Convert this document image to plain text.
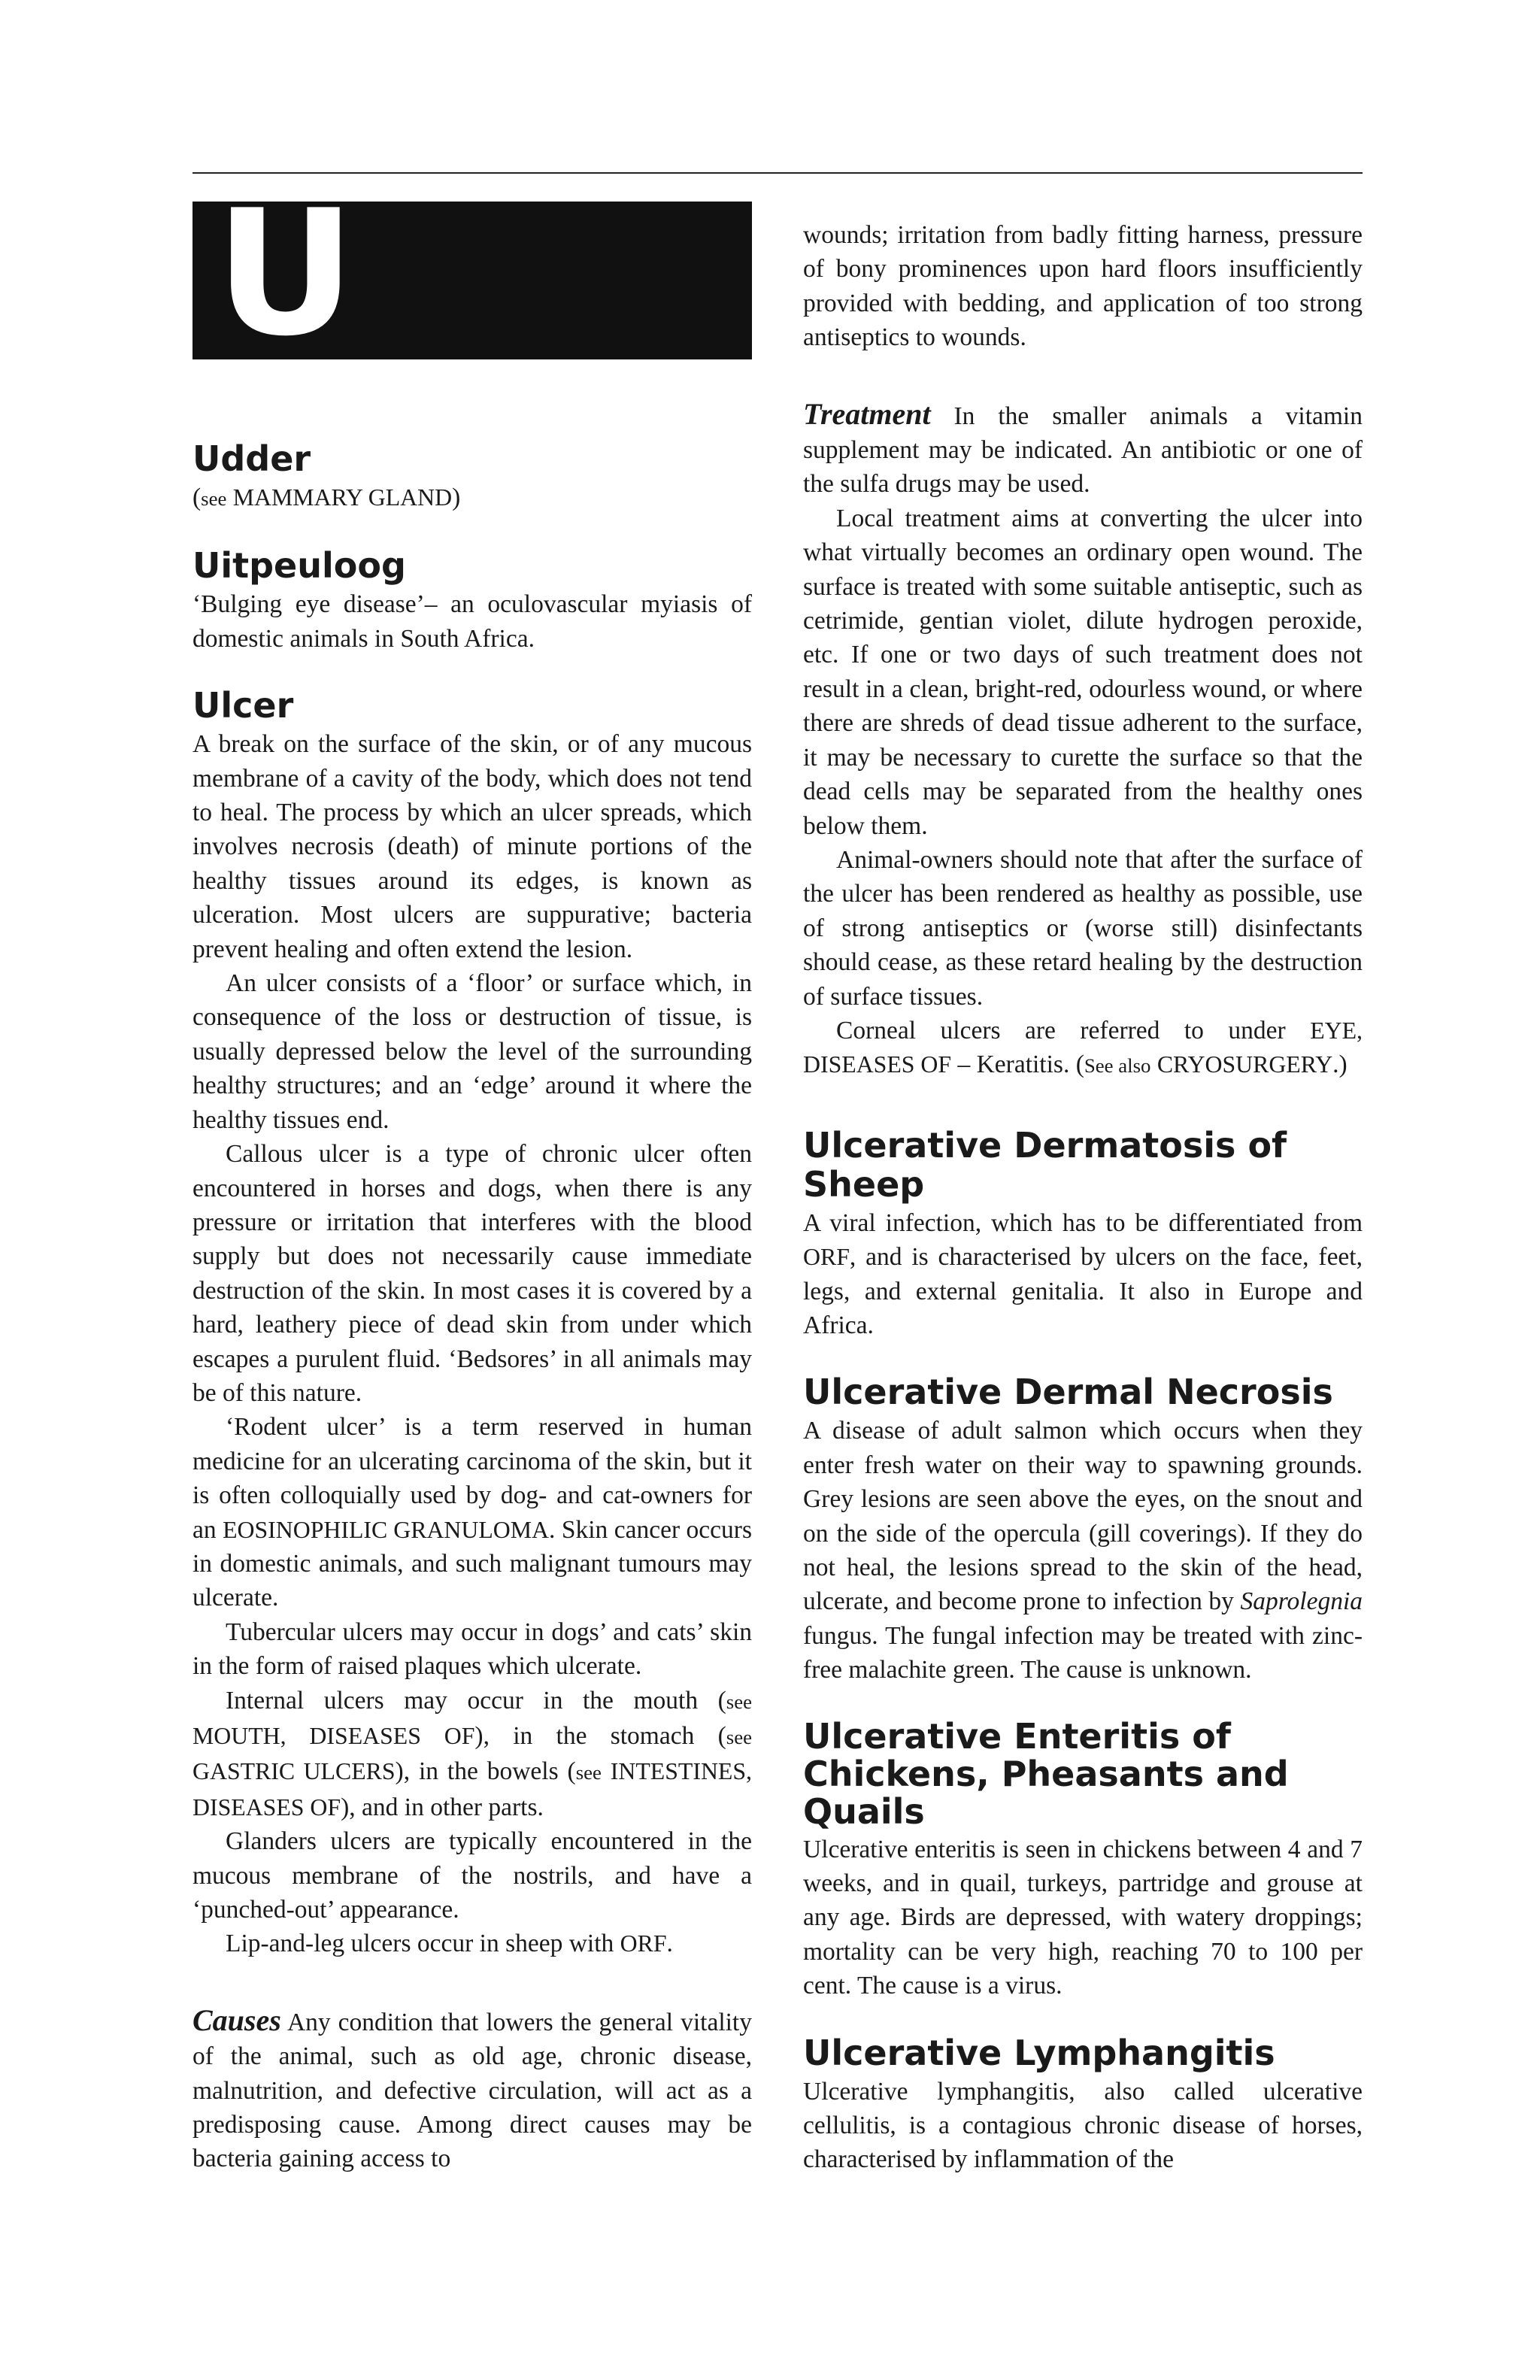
U
Udder

(see MAMMARY GLAND)

Uitpeuloog

‘Bulging eye disease’– an oculovascular myiasis of domestic animals in South Africa.

Ulcer

A break on the surface of the skin, or of any mucous membrane of a cavity of the body, which does not tend to heal. The process by which an ulcer spreads, which involves necrosis (death) of minute portions of the healthy tissues around its edges, is known as ulceration. Most ulcers are suppurative; bacteria prevent healing and often extend the lesion.

An ulcer consists of a ‘floor’ or surface which, in consequence of the loss or destruction of tissue, is usually depressed below the level of the surrounding healthy structures; and an ‘edge’ around it where the healthy tissues end.

Callous ulcer is a type of chronic ulcer often encountered in horses and dogs, when there is any pressure or irritation that interferes with the blood supply but does not necessarily cause immediate destruction of the skin. In most cases it is covered by a hard, leathery piece of dead skin from under which escapes a purulent fluid. ‘Bedsores’ in all animals may be of this nature.

‘Rodent ulcer’ is a term reserved in human medicine for an ulcerating carcinoma of the skin, but it is often colloquially used by dog- and cat-owners for an EOSINOPHILIC GRANULOMA. Skin cancer occurs in domestic animals, and such malignant tumours may ulcerate.

Tubercular ulcers may occur in dogs’ and cats’ skin in the form of raised plaques which ulcerate.

Internal ulcers may occur in the mouth (see MOUTH, DISEASES OF), in the stomach (see GASTRIC ULCERS), in the bowels (see INTESTINES, DISEASES OF), and in other parts.

Glanders ulcers are typically encountered in the mucous membrane of the nostrils, and have a ‘punched-out’ appearance.

Lip-and-leg ulcers occur in sheep with ORF.

Causes Any condition that lowers the general vitality of the animal, such as old age, chronic disease, malnutrition, and defective circulation, will act as a predisposing cause. Among direct causes may be bacteria gaining access to

wounds; irritation from badly fitting harness, pressure of bony prominences upon hard floors insufficiently provided with bedding, and application of too strong antiseptics to wounds.

Treatment In the smaller animals a vitamin supplement may be indicated. An antibiotic or one of the sulfa drugs may be used.

Local treatment aims at converting the ulcer into what virtually becomes an ordinary open wound. The surface is treated with some suitable antiseptic, such as cetrimide, gentian violet, dilute hydrogen peroxide, etc. If one or two days of such treatment does not result in a clean, bright-red, odourless wound, or where there are shreds of dead tissue adherent to the surface, it may be necessary to curette the surface so that the dead cells may be separated from the healthy ones below them.

Animal-owners should note that after the surface of the ulcer has been rendered as healthy as possible, use of strong antiseptics or (worse still) disinfectants should cease, as these retard healing by the destruction of surface tissues.

Corneal ulcers are referred to under EYE, DISEASES OF – Keratitis. (See also CRYOSURGERY.)

Ulcerative Dermatosis of Sheep

A viral infection, which has to be differentiated from ORF, and is characterised by ulcers on the face, feet, legs, and external genitalia. It also in Europe and Africa.

Ulcerative Dermal Necrosis

A disease of adult salmon which occurs when they enter fresh water on their way to spawning grounds. Grey lesions are seen above the eyes, on the snout and on the side of the opercula (gill coverings). If they do not heal, the lesions spread to the skin of the head, ulcerate, and become prone to infection by Saprolegnia fungus. The fungal infection may be treated with zinc-free malachite green. The cause is unknown.

Ulcerative Enteritis of Chickens, Pheasants and Quails

Ulcerative enteritis is seen in chickens between 4 and 7 weeks, and in quail, turkeys, partridge and grouse at any age. Birds are depressed, with watery droppings; mortality can be very high, reaching 70 to 100 per cent. The cause is a virus.

Ulcerative Lymphangitis

Ulcerative lymphangitis, also called ulcerative cellulitis, is a contagious chronic disease of horses, characterised by inflammation of the
